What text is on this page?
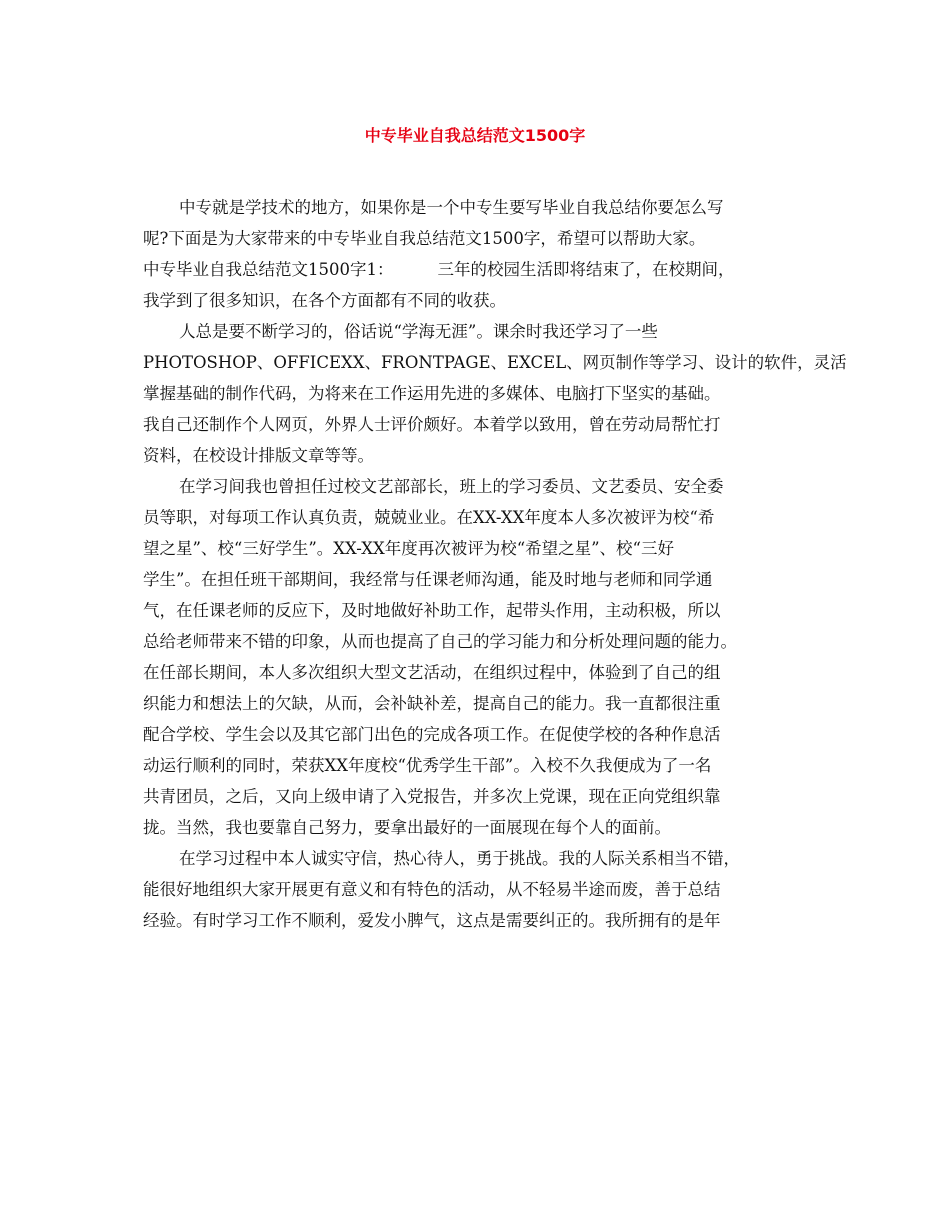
中专毕业自我总结范文1500字
中专就是学技术的地方，如果你是一个中专生要写毕业自我总结你要怎么写
呢?下面是为大家带来的中专毕业自我总结范文1500字，希望可以帮助大家。
中专毕业自我总结范文1500字1：	三年的校园生活即将结束了，在校期间，
我学到了很多知识，在各个方面都有不同的收获。
人总是要不断学习的，俗话说“学海无涯”。课余时我还学习了一些
PHOTOSHOP、OFFICEXX、FRONTPAGE、EXCEL、网页制作等学习、设计的软件，灵活
掌握基础的制作代码，为将来在工作运用先进的多媒体、电脑打下坚实的基础。
我自己还制作个人网页，外界人士评价颇好。本着学以致用，曾在劳动局帮忙打
资料，在校设计排版文章等等。
在学习间我也曾担任过校文艺部部长，班上的学习委员、文艺委员、安全委
员等职，对每项工作认真负责，兢兢业业。在XX-XX年度本人多次被评为校“希
望之星”、校“三好学生”。XX-XX年度再次被评为校“希望之星”、校“三好
学生”。在担任班干部期间，我经常与任课老师沟通，能及时地与老师和同学通
气，在任课老师的反应下，及时地做好补助工作，起带头作用，主动积极，所以
总给老师带来不错的印象，从而也提高了自己的学习能力和分析处理问题的能力。
在任部长期间，本人多次组织大型文艺活动，在组织过程中，体验到了自己的组
织能力和想法上的欠缺，从而，会补缺补差，提高自己的能力。我一直都很注重
配合学校、学生会以及其它部门出色的完成各项工作。在促使学校的各种作息活
动运行顺利的同时，荣获XX年度校“优秀学生干部”。入校不久我便成为了一名
共青团员，之后，又向上级申请了入党报告，并多次上党课，现在正向党组织靠
拢。当然，我也要靠自己努力，要拿出最好的一面展现在每个人的面前。
在学习过程中本人诚实守信，热心待人，勇于挑战。我的人际关系相当不错，
能很好地组织大家开展更有意义和有特色的活动，从不轻易半途而废，善于总结
经验。有时学习工作不顺利，爱发小脾气，这点是需要纠正的。我所拥有的是年
